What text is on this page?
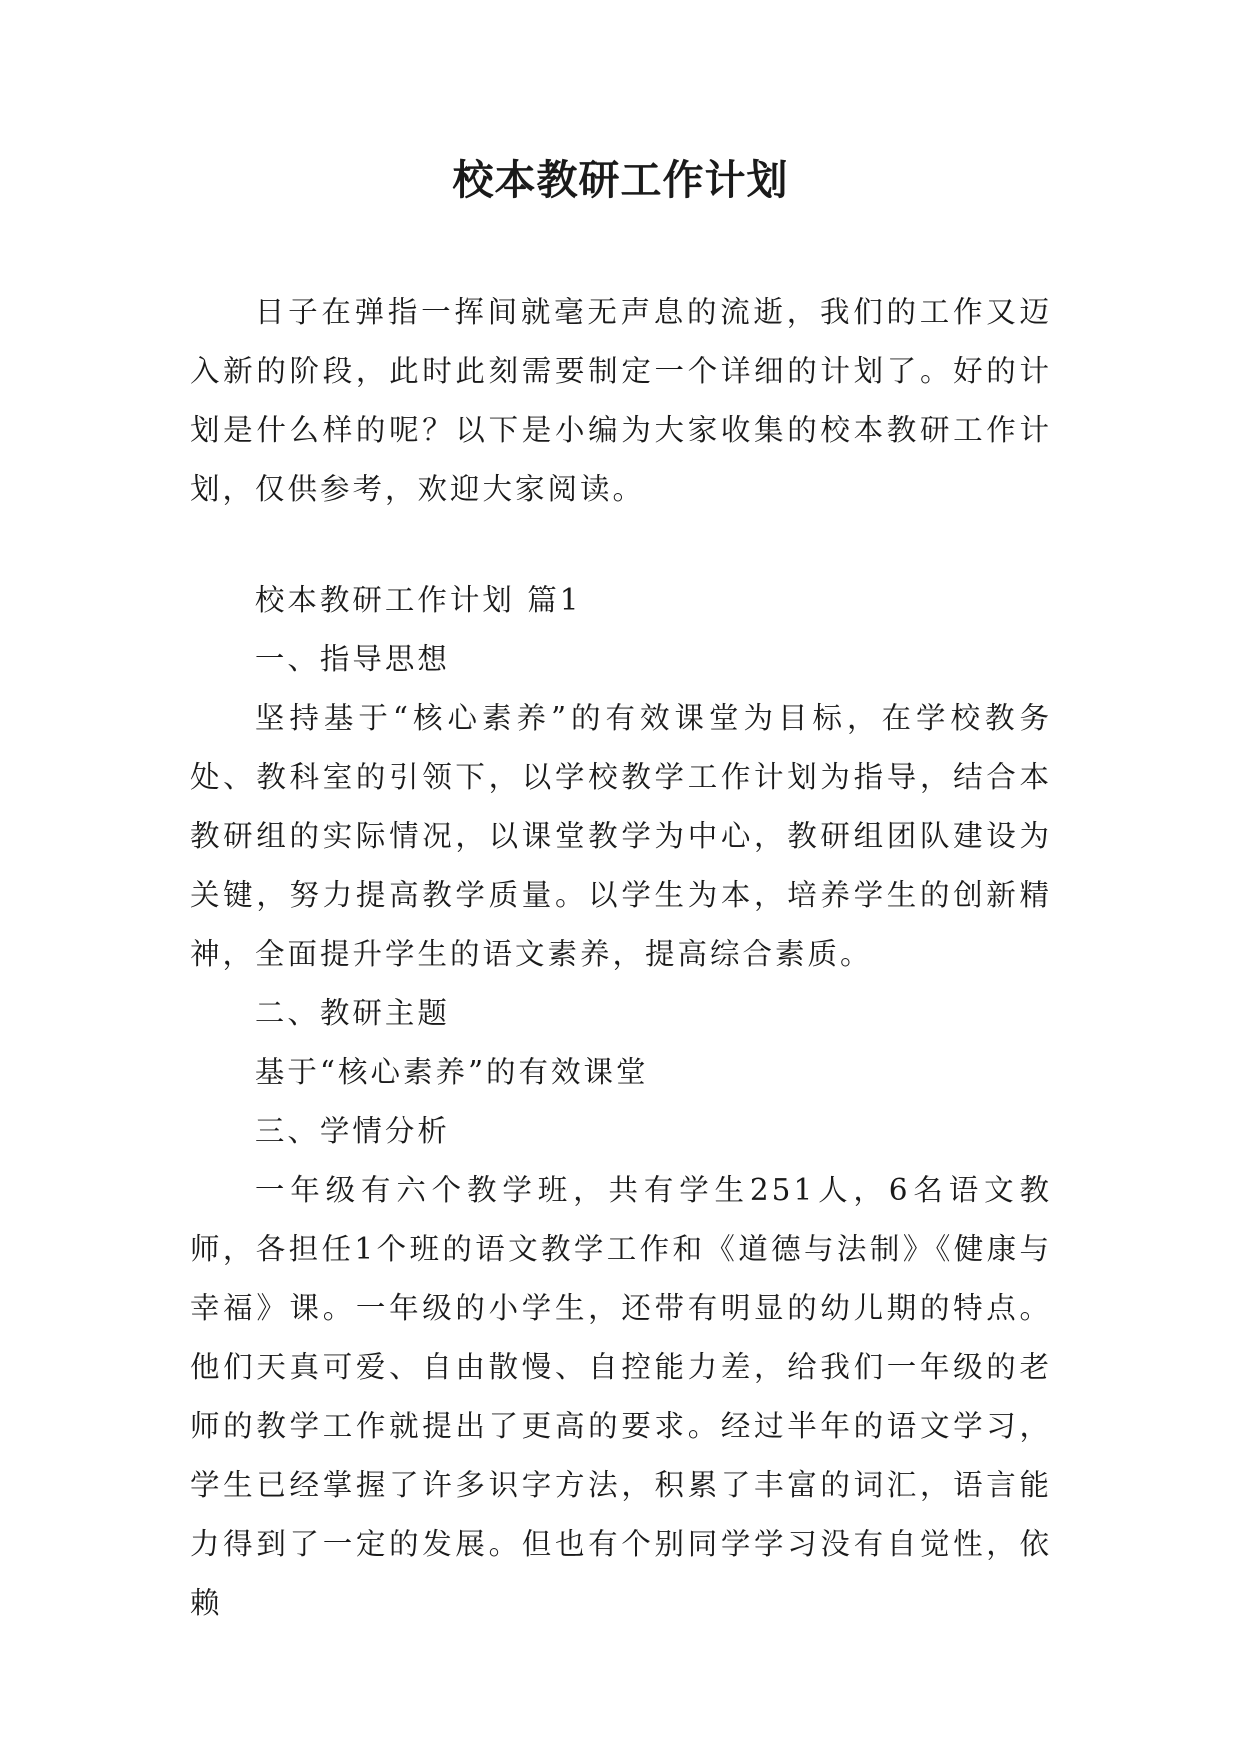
校本教研工作计划

日子在弹指一挥间就毫无声息的流逝，我们的工作又迈入新的阶段，此时此刻需要制定一个详细的计划了。好的计划是什么样的呢？以下是小编为大家收集的校本教研工作计划，仅供参考，欢迎大家阅读。

校本教研工作计划 篇1

一、指导思想

坚持基于“核心素养”的有效课堂为目标，在学校教务处、教科室的引领下，以学校教学工作计划为指导，结合本教研组的实际情况，以课堂教学为中心，教研组团队建设为关键，努力提高教学质量。以学生为本，培养学生的创新精神，全面提升学生的语文素养，提高综合素质。

二、教研主题

基于“核心素养”的有效课堂

三、学情分析

一年级有六个教学班，共有学生251人，6名语文教师，各担任1个班的语文教学工作和《道德与法制》《健康与幸福》课。一年级的小学生，还带有明显的幼儿期的特点。他们天真可爱、自由散慢、自控能力差，给我们一年级的老师的教学工作就提出了更高的要求。经过半年的语文学习，学生已经掌握了许多识字方法，积累了丰富的词汇，语言能力得到了一定的发展。但也有个别同学学习没有自觉性，依赖
